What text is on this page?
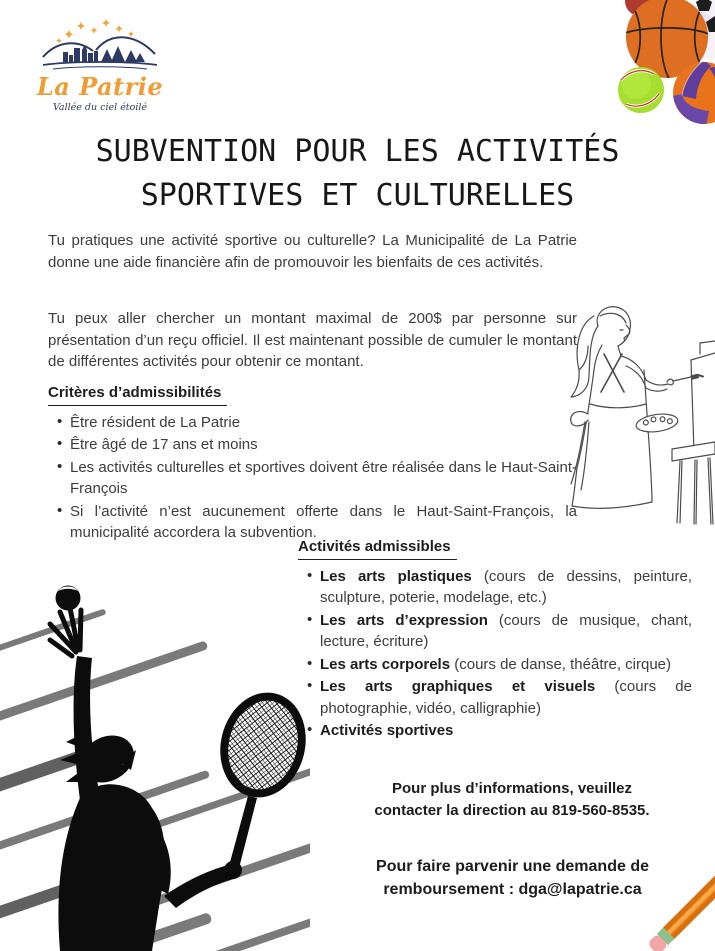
La Patrie
Vallée du ciel étoilé
SUBVENTION POUR LES ACTIVITÉS
SPORTIVES ET CULTURELLES
Tu pratiques une activité sportive ou culturelle? La Municipalité de La Patrie donne une aide financière afin de promouvoir les bienfaits de ces activités.
Tu peux aller chercher un montant maximal de 200$ par personne sur présentation d’un reçu officiel. Il est maintenant possible de cumuler le montant de différentes activités pour obtenir ce montant.
Critères d’admissibilités
• Être résident de La Patrie
• Être âgé de 17 ans et moins
• Les activités culturelles et sportives doivent être réalisée dans le Haut-Saint-François
• Si l’activité n’est aucunement offerte dans le Haut-Saint-François, la municipalité accordera la subvention.
Activités admissibles
• Les arts plastiques (cours de dessins, peinture, sculpture, poterie, modelage, etc.)
• Les arts d’expression (cours de musique, chant, lecture, écriture)
• Les arts corporels (cours de danse, théâtre, cirque)
• Les arts graphiques et visuels (cours de photographie, vidéo, calligraphie)
• Activités sportives
Pour plus d’informations, veuillez
contacter la direction au 819-560-8535.
Pour faire parvenir une demande de
remboursement : dga@lapatrie.ca
